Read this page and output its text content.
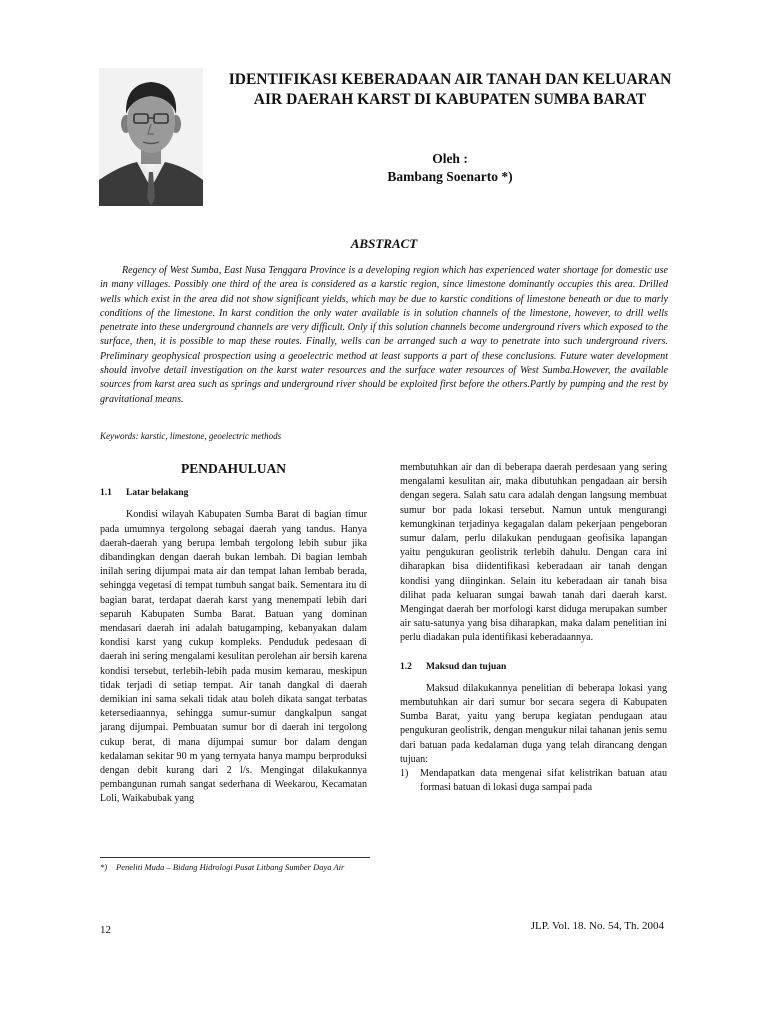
IDENTIFIKASI KEBERADAAN AIR TANAH DAN KELUARAN AIR DAERAH KARST DI KABUPATEN SUMBA BARAT
Oleh :
Bambang Soenarto *)
ABSTRACT

Regency of West Sumba, East Nusa Tenggara Province is a developing region which has experienced water shortage for domestic use in many villages. Possibly one third of the area is considered as a karstic region, since limestone dominantly occupies this area. Drilled wells which exist in the area did not show significant yields, which may be due to karstic conditions of limestone beneath or due to marly conditions of the limestone. In karst condition the only water available is in solution channels of the limestone, however, to drill wells penetrate into these underground channels are very difficult. Only if this solution channels become underground rivers which exposed to the surface, then, it is possible to map these routes. Finally, wells can be arranged such a way to penetrate into such underground rivers. Preliminary geophysical prospection using a geoelectric method at least supports a part of these conclusions. Future water development should involve detail investigation on the karst water resources and the surface water resources of West Sumba.However, the available sources from karst area such as springs and underground river should be exploited first before the others.Partly by pumping and the rest by gravitational means.

Keywords: karstic, limestone, geoelectric methods
PENDAHULUAN
1.1	Latar belakang

Kondisi wilayah Kabupaten Sumba Barat di bagian timur pada umumnya tergolong sebagai daerah yang tandus. Hanya daerah-daerah yang berupa lembah tergolong lebih subur jika dibandingkan dengan daerah bukan lembah. Di bagian lembah inilah sering dijumpai mata air dan tempat lahan lembab berada, sehingga vegetasi di tempat tumbuh sangat baik. Sementara itu di bagian barat, terdapat daerah karst yang menempati lebih dari separuh Kabupaten Sumba Barat. Batuan yang dominan mendasari daerah ini adalah batugamping, kebanyakan dalam kondisi karst yang cukup kompleks. Penduduk pedesaan di daerah ini sering mengalami kesulitan perolehan air bersih karena kondisi tersebut, terlebih-lebih pada musim kemarau, meskipun tidak terjadi di setiap tempat. Air tanah dangkal di daerah demikian ini sama sekali tidak atau boleh dikata sangat terbatas ketersediaannya, sehingga sumur-sumur dangkalpun sangat jarang dijumpai. Pembuatan sumur bor di daerah ini tergolong cukup berat, di mana dijumpai sumur bor dalam dengan kedalaman sekitar 90 m yang ternyata hanya mampu berproduksi dengan debit kurang dari 2 l/s. Mengingat dilakukannya pembangunan rumah sangat sederhana di Weekarou, Kecamatan Loli, Waikabubak yang

membutuhkan air dan di beberapa daerah perdesaan yang sering mengalami kesulitan air, maka dibutuhkan pengadaan air bersih dengan segera. Salah satu cara adalah dengan langsung membuat sumur bor pada lokasi tersebut. Namun untuk mengurangi kemungkinan terjadinya kegagalan dalam pekerjaan pengeboran sumur dalam, perlu dilakukan pendugaan geofisika lapangan yaitu pengukuran geolistrik terlebih dahulu. Dengan cara ini diharapkan bisa diidentifikasi keberadaan air tanah dengan kondisi yang diinginkan. Selain itu keberadaan air tanah bisa dilihat pada keluaran sungai bawah tanah dari daerah karst. Mengingat daerah ber morfologi karst diduga merupakan sumber air satu-satunya yang bisa diharapkan, maka dalam penelitian ini perlu diadakan pula identifikasi keberadaannya.

1.2	Maksud dan tujuan

Maksud dilakukannya penelitian di beberapa lokasi yang membutuhkan air dari sumur bor secara segera di Kabupaten Sumba Barat, yaitu yang berupa kegiatan pendugaan atau pengukuran geolistrik, dengan mengukur nilai tahanan jenis semu dari batuan pada kedalaman duga yang telah dirancang dengan tujuan:

1)	Mendapatkan data mengenai sifat kelistrikan batuan atau formasi batuan di lokasi duga sampai pada
*)	Peneliti Muda – Bidang Hidrologi Pusat Litbang Sumber Daya Air
12	JLP. Vol. 18. No. 54, Th. 2004
